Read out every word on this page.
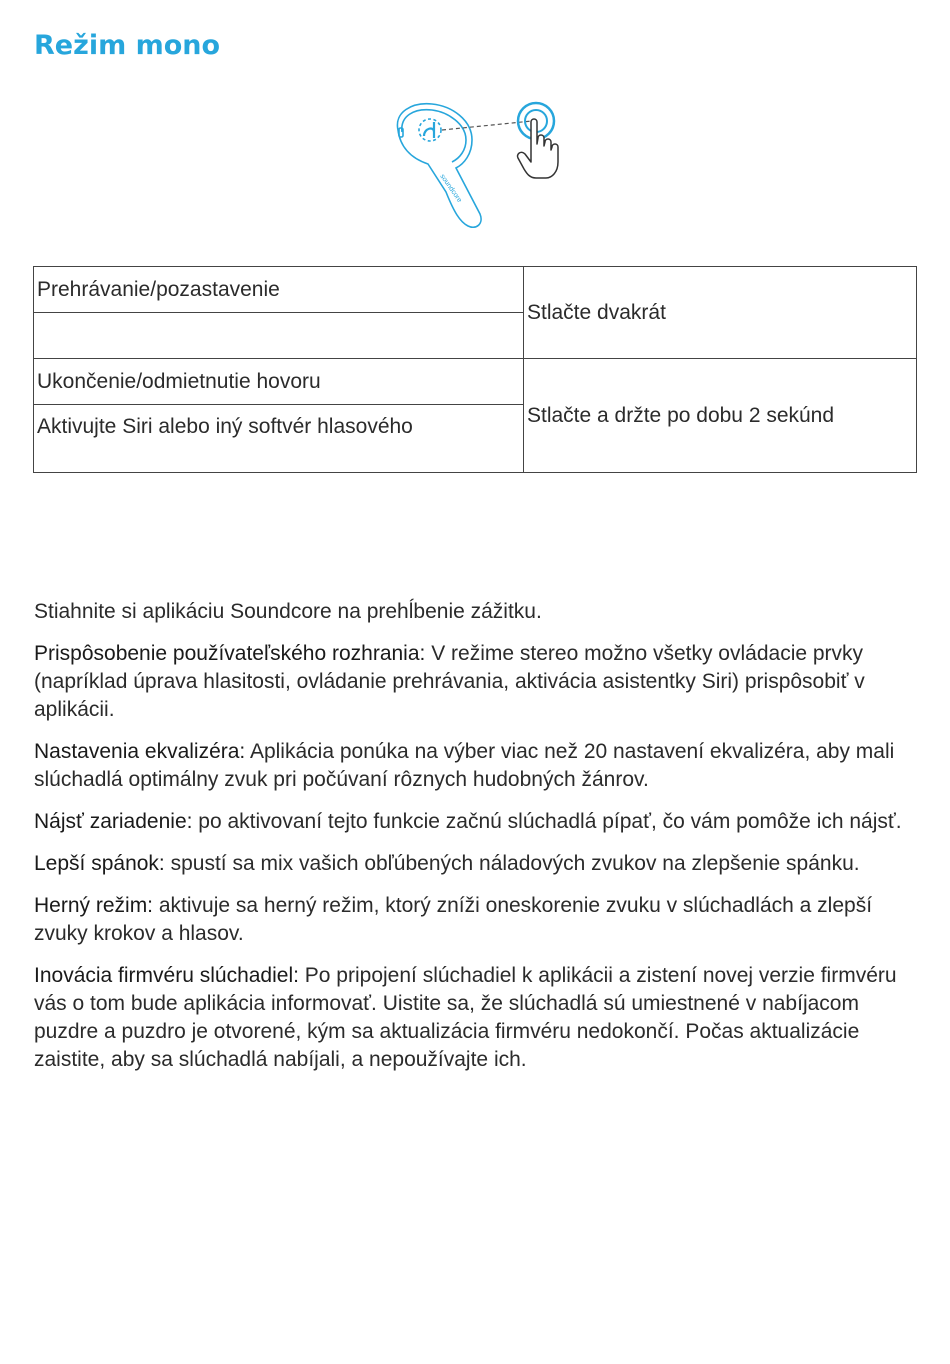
Režim mono
soundcore
Prehrávanie/pozastavenie	Stlačte dvakrát

Ukončenie/odmietnutie hovoru	Stlačte a držte po dobu 2 sekúnd
Aktivujte Siri alebo iný softvér hlasového	

Stiahnite si aplikáciu Soundcore na prehĺbenie zážitku.

Prispôsobenie používateľského rozhrania: V režime stereo možno všetky ovládacie prvky (napríklad úprava hlasitosti, ovládanie prehrávania, aktivácia asistentky Siri) prispôsobiť v aplikácii.

Nastavenia ekvalizéra: Aplikácia ponúka na výber viac než 20 nastavení ekvalizéra, aby mali slúchadlá optimálny zvuk pri počúvaní rôznych hudobných žánrov.

Nájsť zariadenie: po aktivovaní tejto funkcie začnú slúchadlá pípať, čo vám pomôže ich nájsť.

Lepší spánok: spustí sa mix vašich obľúbených náladových zvukov na zlepšenie spánku.

Herný režim: aktivuje sa herný režim, ktorý zníži oneskorenie zvuku v slúchadlách a zlepší zvuky krokov a hlasov.

Inovácia firmvéru slúchadiel: Po pripojení slúchadiel k aplikácii a zistení novej verzie firmvéru vás o tom bude aplikácia informovať. Uistite sa, že slúchadlá sú umiestnené v nabíjacom puzdre a puzdro je otvorené, kým sa aktualizácia firmvéru nedokončí. Počas aktualizácie zaistite, aby sa slúchadlá nabíjali, a nepoužívajte ich.
